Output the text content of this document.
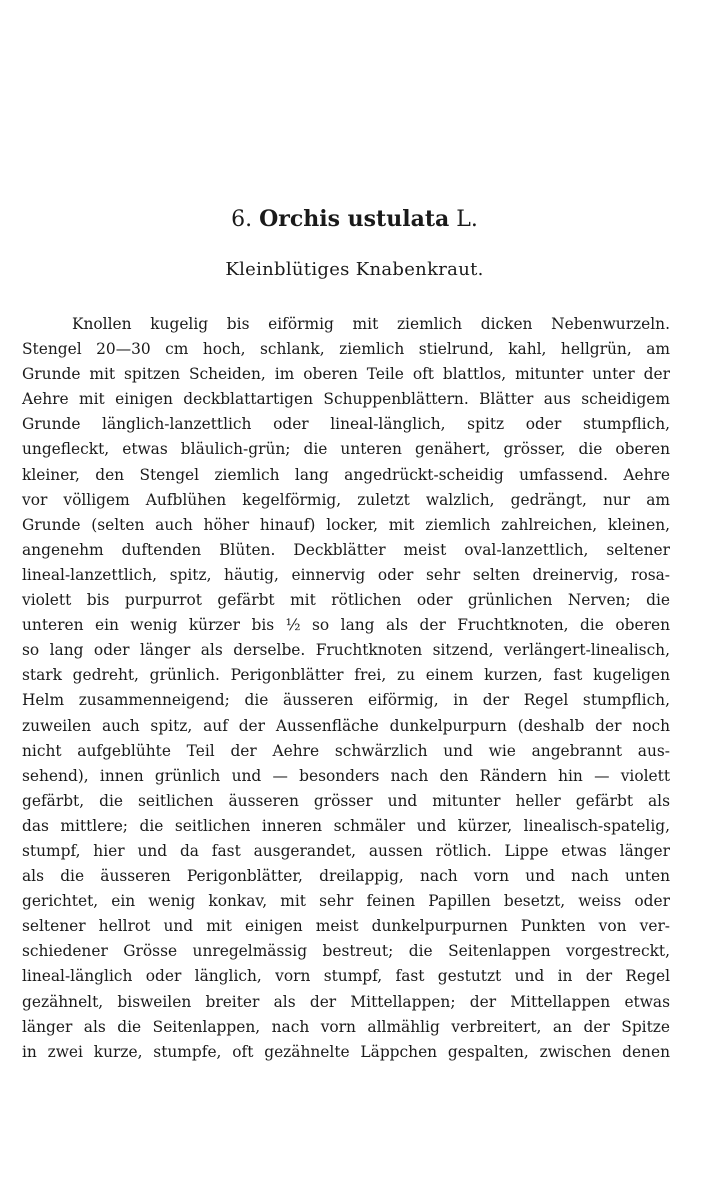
6. Orchis ustulata L.
Kleinblütiges Knabenkraut.
Knollen kugelig bis eiförmig mit ziemlich dicken Nebenwurzeln.
Stengel 20—30 cm hoch, schlank, ziemlich stielrund, kahl, hellgrün, am
Grunde mit spitzen Scheiden, im oberen Teile oft blattlos, mitunter unter der
Aehre mit einigen deckblattartigen Schuppenblättern. Blätter aus scheidigem
Grunde länglich-lanzettlich oder lineal-länglich, spitz oder stumpflich,
ungefleckt, etwas bläulich-grün; die unteren genähert, grösser, die oberen
kleiner, den Stengel ziemlich lang angedrückt-scheidig umfassend. Aehre
vor völligem Aufblühen kegelförmig, zuletzt walzlich, gedrängt, nur am
Grunde (selten auch höher hinauf) locker, mit ziemlich zahlreichen, kleinen,
angenehm duftenden Blüten. Deckblätter meist oval-lanzettlich, seltener
lineal-lanzettlich, spitz, häutig, einnervig oder sehr selten dreinervig, rosa-
violett bis purpurrot gefärbt mit rötlichen oder grünlichen Nerven; die
unteren ein wenig kürzer bis ½ so lang als der Fruchtknoten, die oberen
so lang oder länger als derselbe. Fruchtknoten sitzend, verlängert-linealisch,
stark gedreht, grünlich. Perigonblätter frei, zu einem kurzen, fast kugeligen
Helm zusammenneigend; die äusseren eiförmig, in der Regel stumpflich,
zuweilen auch spitz, auf der Aussenfläche dunkelpurpurn (deshalb der noch
nicht aufgeblühte Teil der Aehre schwärzlich und wie angebrannt aus-
sehend), innen grünlich und — besonders nach den Rändern hin — violett
gefärbt, die seitlichen äusseren grösser und mitunter heller gefärbt als
das mittlere; die seitlichen inneren schmäler und kürzer, linealisch-spatelig,
stumpf, hier und da fast ausgerandet, aussen rötlich. Lippe etwas länger
als die äusseren Perigonblätter, dreilappig, nach vorn und nach unten
gerichtet, ein wenig konkav, mit sehr feinen Papillen besetzt, weiss oder
seltener hellrot und mit einigen meist dunkelpurpurnen Punkten von ver-
schiedener Grösse unregelmässig bestreut; die Seitenlappen vorgestreckt,
lineal-länglich oder länglich, vorn stumpf, fast gestutzt und in der Regel
gezähnelt, bisweilen breiter als der Mittellappen; der Mittellappen etwas
länger als die Seitenlappen, nach vorn allmählig verbreitert, an der Spitze
in zwei kurze, stumpfe, oft gezähnelte Läppchen gespalten, zwischen denen
